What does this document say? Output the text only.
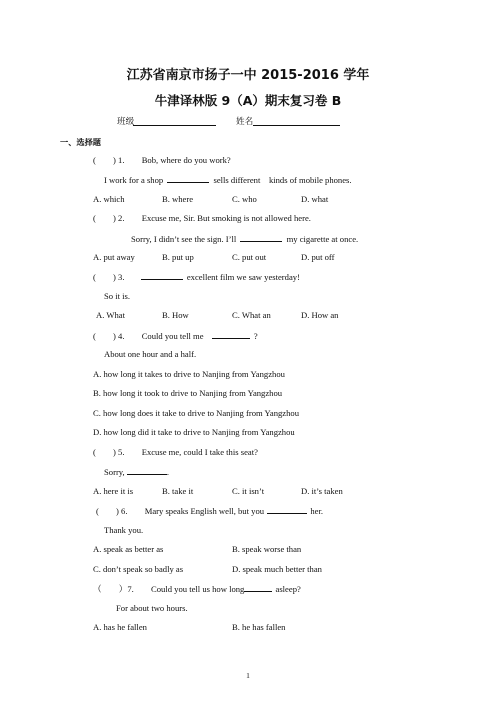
江苏省南京市扬子一中 2015-2016 学年
牛津译林版 9（A）期末复习卷 B
班级	姓名
一、选择题
(　　) 1.　　Bob, where do you work?
I work for a shop	sells different　kinds of mobile phones.
A. which	B. where	C. who	D. what
(　　) 2.　　Excuse me, Sir. But smoking is not allowed here.
Sorry, I didn’t see the sign. I’ll	my cigarette at once.
A. put away	B. put up	C. put out	D. put off
(　　) 3.	excellent film we saw yesterday!
So it is.
A. What	B. How	C. What an	D. How an
(　　) 4.　　Could you tell me	?
About one hour and a half.
A. how long it takes to drive to Nanjing from Yangzhou
B. how long it took to drive to Nanjing from Yangzhou
C. how long does it take to drive to Nanjing from Yangzhou
D. how long did it take to drive to Nanjing from Yangzhou
(　　) 5.　　Excuse me, could I take this seat?
Sorry,	.
A. here it is	B. take it	C. it isn’t	D. it’s taken
(　　) 6.　　Mary speaks English well, but you	her.
Thank you.
A. speak as better as	B. speak worse than
C. don’t speak so badly as	D. speak much better than
（　　）7.　　Could you tell us how long	asleep?
For about two hours.
A. has he fallen	B. he has fallen
1
